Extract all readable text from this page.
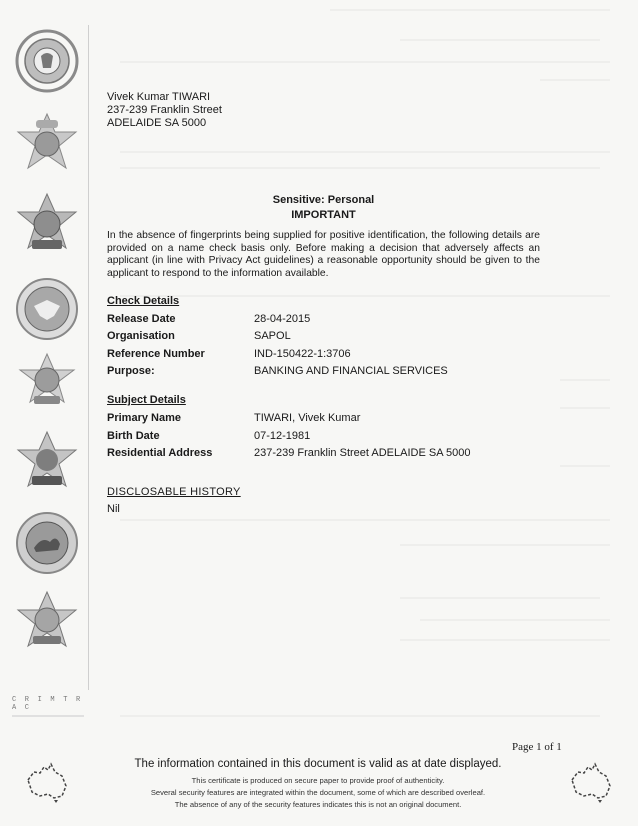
C R I M T R A C
Vivek Kumar TIWARI
237-239 Franklin Street
ADELAIDE SA 5000
Sensitive: Personal
IMPORTANT
In the absence of fingerprints being supplied for positive identification, the following details are provided on a name check basis only. Before making a decision that adversely affects an applicant (in line with Privacy Act guidelines) a reasonable opportunity should be given to the applicant to respond to the information available.
Check Details
Release Date	28-04-2015
Organisation	SAPOL
Reference Number	IND-150422-1:3706
Purpose:	BANKING AND FINANCIAL SERVICES
Subject Details
Primary Name	TIWARI, Vivek Kumar
Birth Date	07-12-1981
Residential Address	237-239 Franklin Street ADELAIDE SA 5000
DISCLOSABLE HISTORY
Nil
Page 1 of 1
The information contained in this document is valid as at date displayed.
This certificate is produced on secure paper to provide proof of authenticity.
Several security features are integrated within the document, some of which are described overleaf.
The absence of any of the security features indicates this is not an original document.
